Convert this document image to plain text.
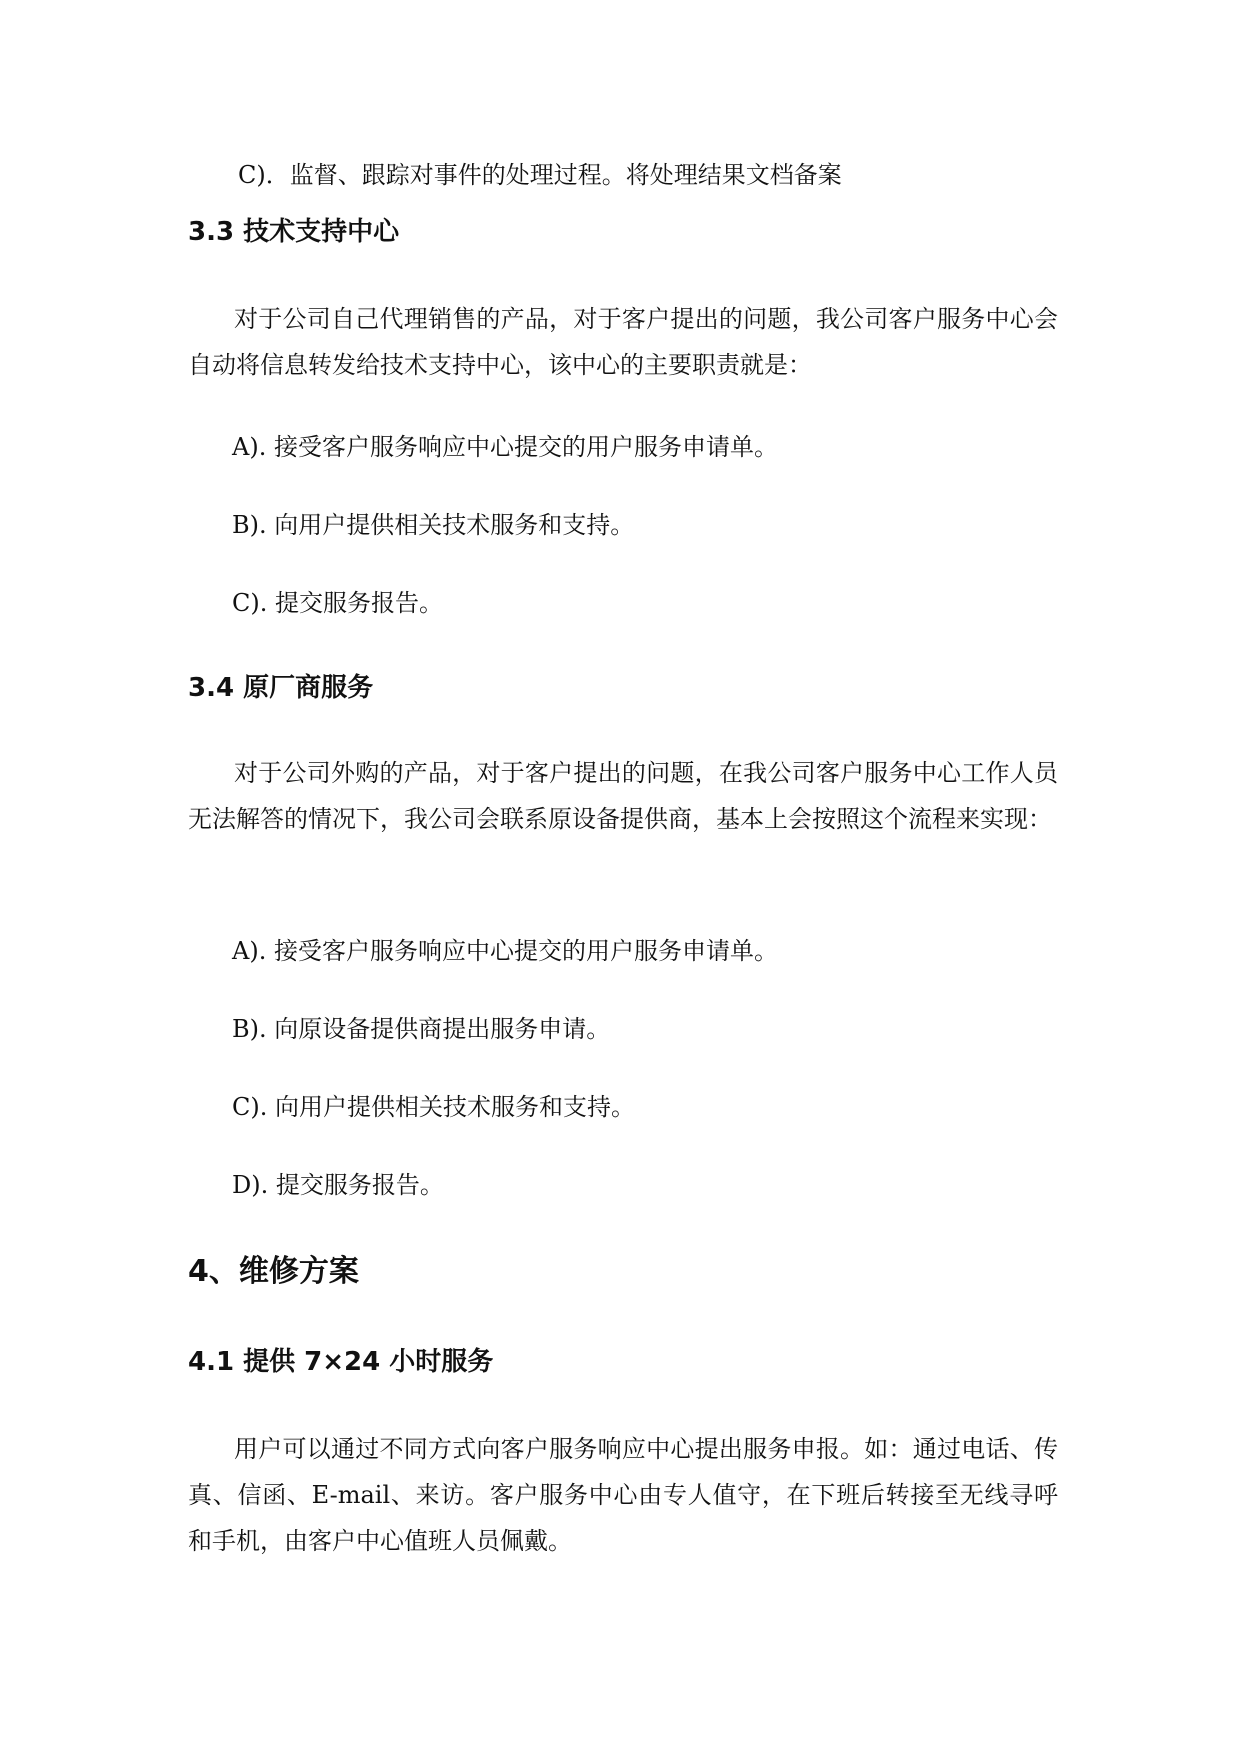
C)．监督、跟踪对事件的处理过程。将处理结果文档备案
3.3 技术支持中心

对于公司自己代理销售的产品，对于客户提出的问题，我公司客户服务中心会自动将信息转发给技术支持中心，该中心的主要职责就是：

A). 接受客户服务响应中心提交的用户服务申请单。
B). 向用户提供相关技术服务和支持。
C). 提交服务报告。
3.4 原厂商服务

对于公司外购的产品，对于客户提出的问题，在我公司客户服务中心工作人员无法解答的情况下，我公司会联系原设备提供商，基本上会按照这个流程来实现：

A). 接受客户服务响应中心提交的用户服务申请单。
B). 向原设备提供商提出服务申请。
C). 向用户提供相关技术服务和支持。
D). 提交服务报告。
4、维修方案
4.1 提供 7×24 小时服务

用户可以通过不同方式向客户服务响应中心提出服务申报。如：通过电话、传真、信函、E-mail、来访。客户服务中心由专人值守，在下班后转接至无线寻呼和手机，由客户中心值班人员佩戴。
